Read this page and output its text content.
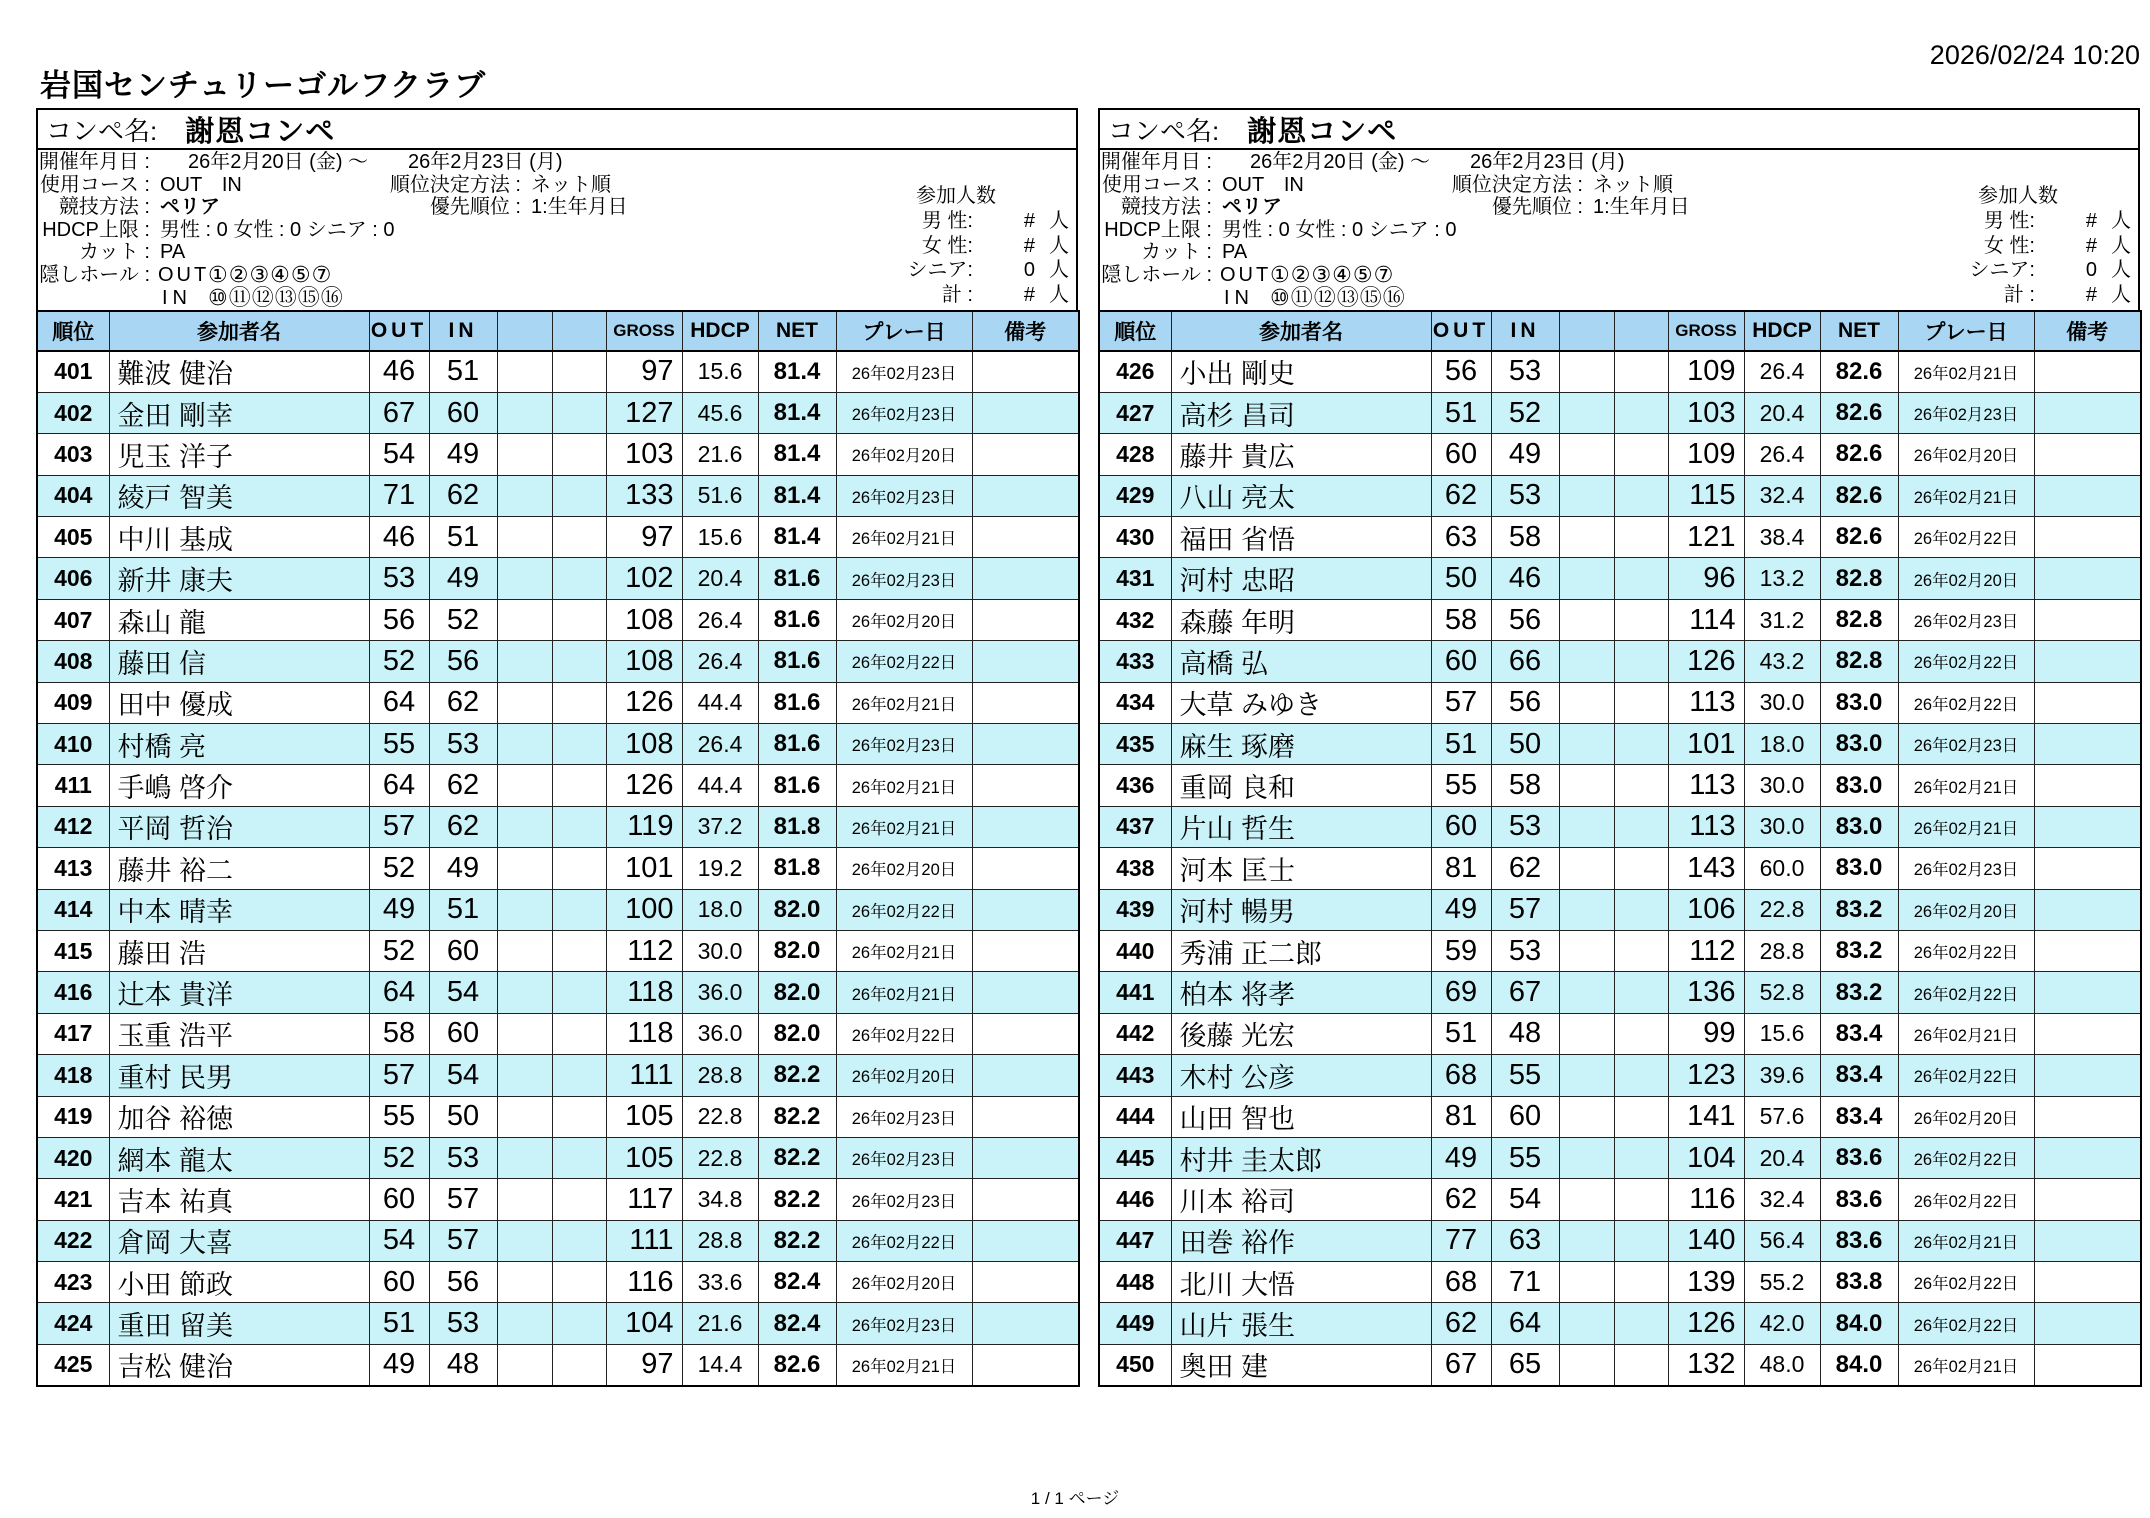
岩国センチュリーゴルフクラブ
2026/02/24 10:20
コンペ名: 謝恩コンペ
開催年月日 : 26年2月20日 (金) ～ 26年2月23日 (月)
使用コース : OUT　IN	順位決定方法 : ネット順
競技方法 : ペリア	優先順位 : 1:生年月日
HDCP上限 : 男性 : 0 女性 : 0 シニア : 0
カット : PA
隠しホール : OUT
①②③④⑤⑦
IN ⑩⑪⑫⑬⑮⑯
参加人数
男 性:	# 人
女 性:	# 人
シニア:	0 人
計 :	# 人
順位	参加者名	OUT	IN			GROSS	HDCP	NET	プレー日	備考
401	難波 健治	46	51			97	15.6	81.4	26年02月23日	
402	金田 剛幸	67	60			127	45.6	81.4	26年02月23日	
403	児玉 洋子	54	49			103	21.6	81.4	26年02月20日	
404	綾戸 智美	71	62			133	51.6	81.4	26年02月23日	
405	中川 基成	46	51			97	15.6	81.4	26年02月21日	
406	新井 康夫	53	49			102	20.4	81.6	26年02月23日	
407	森山 龍	56	52			108	26.4	81.6	26年02月20日	
408	藤田 信	52	56			108	26.4	81.6	26年02月22日	
409	田中 優成	64	62			126	44.4	81.6	26年02月21日	
410	村橋 亮	55	53			108	26.4	81.6	26年02月23日	
411	手嶋 啓介	64	62			126	44.4	81.6	26年02月21日	
412	平岡 哲治	57	62			119	37.2	81.8	26年02月21日	
413	藤井 裕二	52	49			101	19.2	81.8	26年02月20日	
414	中本 晴幸	49	51			100	18.0	82.0	26年02月22日	
415	藤田 浩	52	60			112	30.0	82.0	26年02月21日	
416	辻本 貴洋	64	54			118	36.0	82.0	26年02月21日	
417	玉重 浩平	58	60			118	36.0	82.0	26年02月22日	
418	重村 民男	57	54			111	28.8	82.2	26年02月20日	
419	加谷 裕徳	55	50			105	22.8	82.2	26年02月23日	
420	網本 龍太	52	53			105	22.8	82.2	26年02月23日	
421	吉本 祐真	60	57			117	34.8	82.2	26年02月23日	
422	倉岡 大喜	54	57			111	28.8	82.2	26年02月22日	
423	小田 節政	60	56			116	33.6	82.4	26年02月20日	
424	重田 留美	51	53			104	21.6	82.4	26年02月23日	
425	吉松 健治	49	48			97	14.4	82.6	26年02月21日	
コンペ名: 謝恩コンペ
開催年月日 : 26年2月20日 (金) ～ 26年2月23日 (月)
使用コース : OUT　IN	順位決定方法 : ネット順
競技方法 : ペリア	優先順位 : 1:生年月日
HDCP上限 : 男性 : 0 女性 : 0 シニア : 0
カット : PA
隠しホール : OUT
①②③④⑤⑦
IN ⑩⑪⑫⑬⑮⑯
参加人数
男 性:	# 人
女 性:	# 人
シニア:	0 人
計 :	# 人
順位	参加者名	OUT	IN			GROSS	HDCP	NET	プレー日	備考
426	小出 剛史	56	53			109	26.4	82.6	26年02月21日	
427	高杉 昌司	51	52			103	20.4	82.6	26年02月23日	
428	藤井 貴広	60	49			109	26.4	82.6	26年02月20日	
429	八山 亮太	62	53			115	32.4	82.6	26年02月21日	
430	福田 省悟	63	58			121	38.4	82.6	26年02月22日	
431	河村 忠昭	50	46			96	13.2	82.8	26年02月20日	
432	森藤 年明	58	56			114	31.2	82.8	26年02月23日	
433	高橋 弘	60	66			126	43.2	82.8	26年02月22日	
434	大草 みゆき	57	56			113	30.0	83.0	26年02月22日	
435	麻生 琢磨	51	50			101	18.0	83.0	26年02月23日	
436	重岡 良和	55	58			113	30.0	83.0	26年02月21日	
437	片山 哲生	60	53			113	30.0	83.0	26年02月21日	
438	河本 匡士	81	62			143	60.0	83.0	26年02月23日	
439	河村 暢男	49	57			106	22.8	83.2	26年02月20日	
440	秀浦 正二郎	59	53			112	28.8	83.2	26年02月22日	
441	柏本 将孝	69	67			136	52.8	83.2	26年02月22日	
442	後藤 光宏	51	48			99	15.6	83.4	26年02月21日	
443	木村 公彦	68	55			123	39.6	83.4	26年02月22日	
444	山田 智也	81	60			141	57.6	83.4	26年02月20日	
445	村井 圭太郎	49	55			104	20.4	83.6	26年02月22日	
446	川本 裕司	62	54			116	32.4	83.6	26年02月22日	
447	田巻 裕作	77	63			140	56.4	83.6	26年02月21日	
448	北川 大悟	68	71			139	55.2	83.8	26年02月22日	
449	山片 張生	62	64			126	42.0	84.0	26年02月22日	
450	奥田 建	67	65			132	48.0	84.0	26年02月21日	
1 / 1 ページ
